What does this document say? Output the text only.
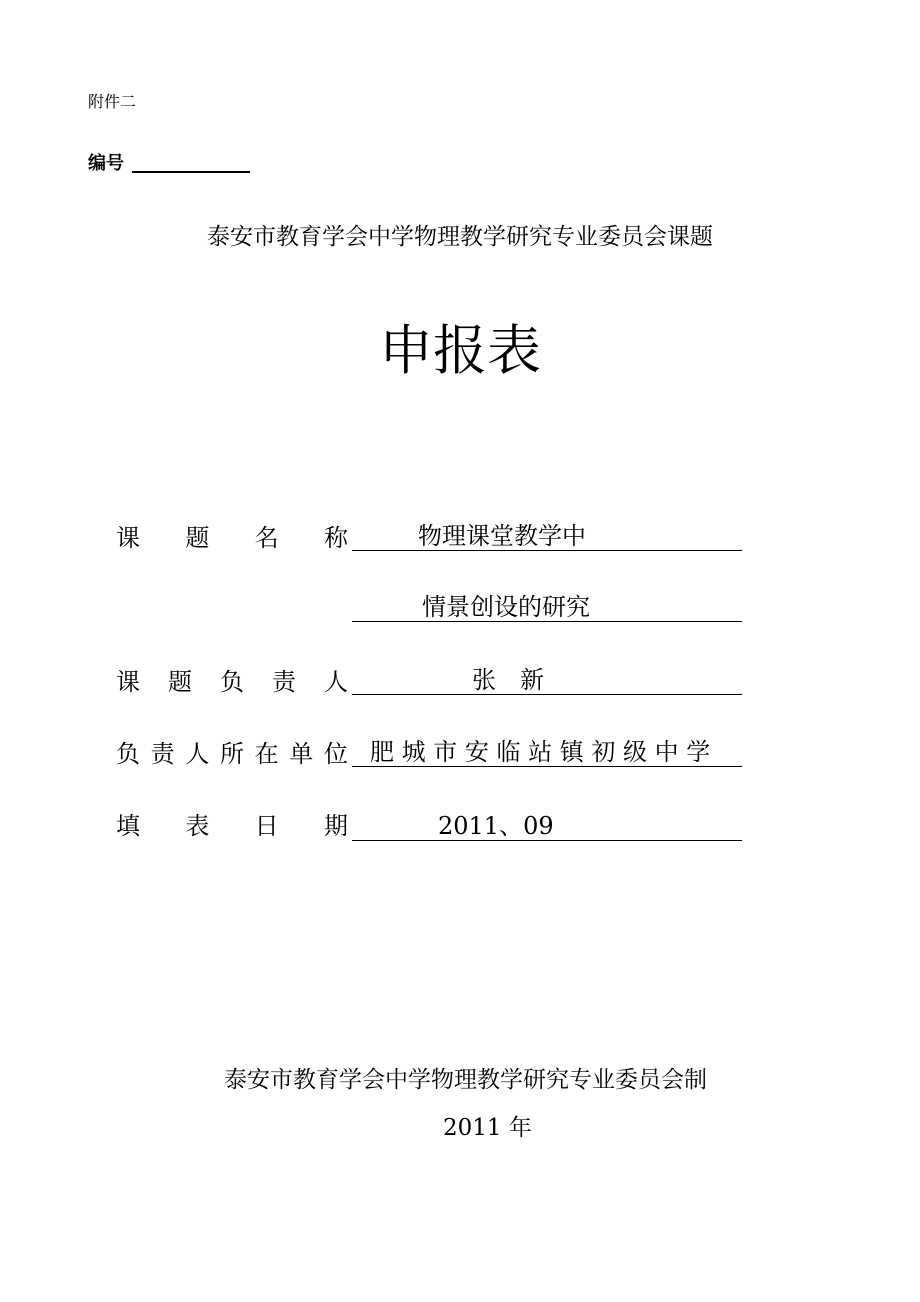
附件二
编号
泰安市教育学会中学物理教学研究专业委员会课题
申报表
课 题 名 称	物理课堂教学中
情景创设的研究
课 题 负 责 人	张　新
负 责 人 所 在 单 位 肥 城 市 安 临 站 镇 初 级 中 学
填 表 日 期	2011、09
泰安市教育学会中学物理教学研究专业委员会制
2011 年
